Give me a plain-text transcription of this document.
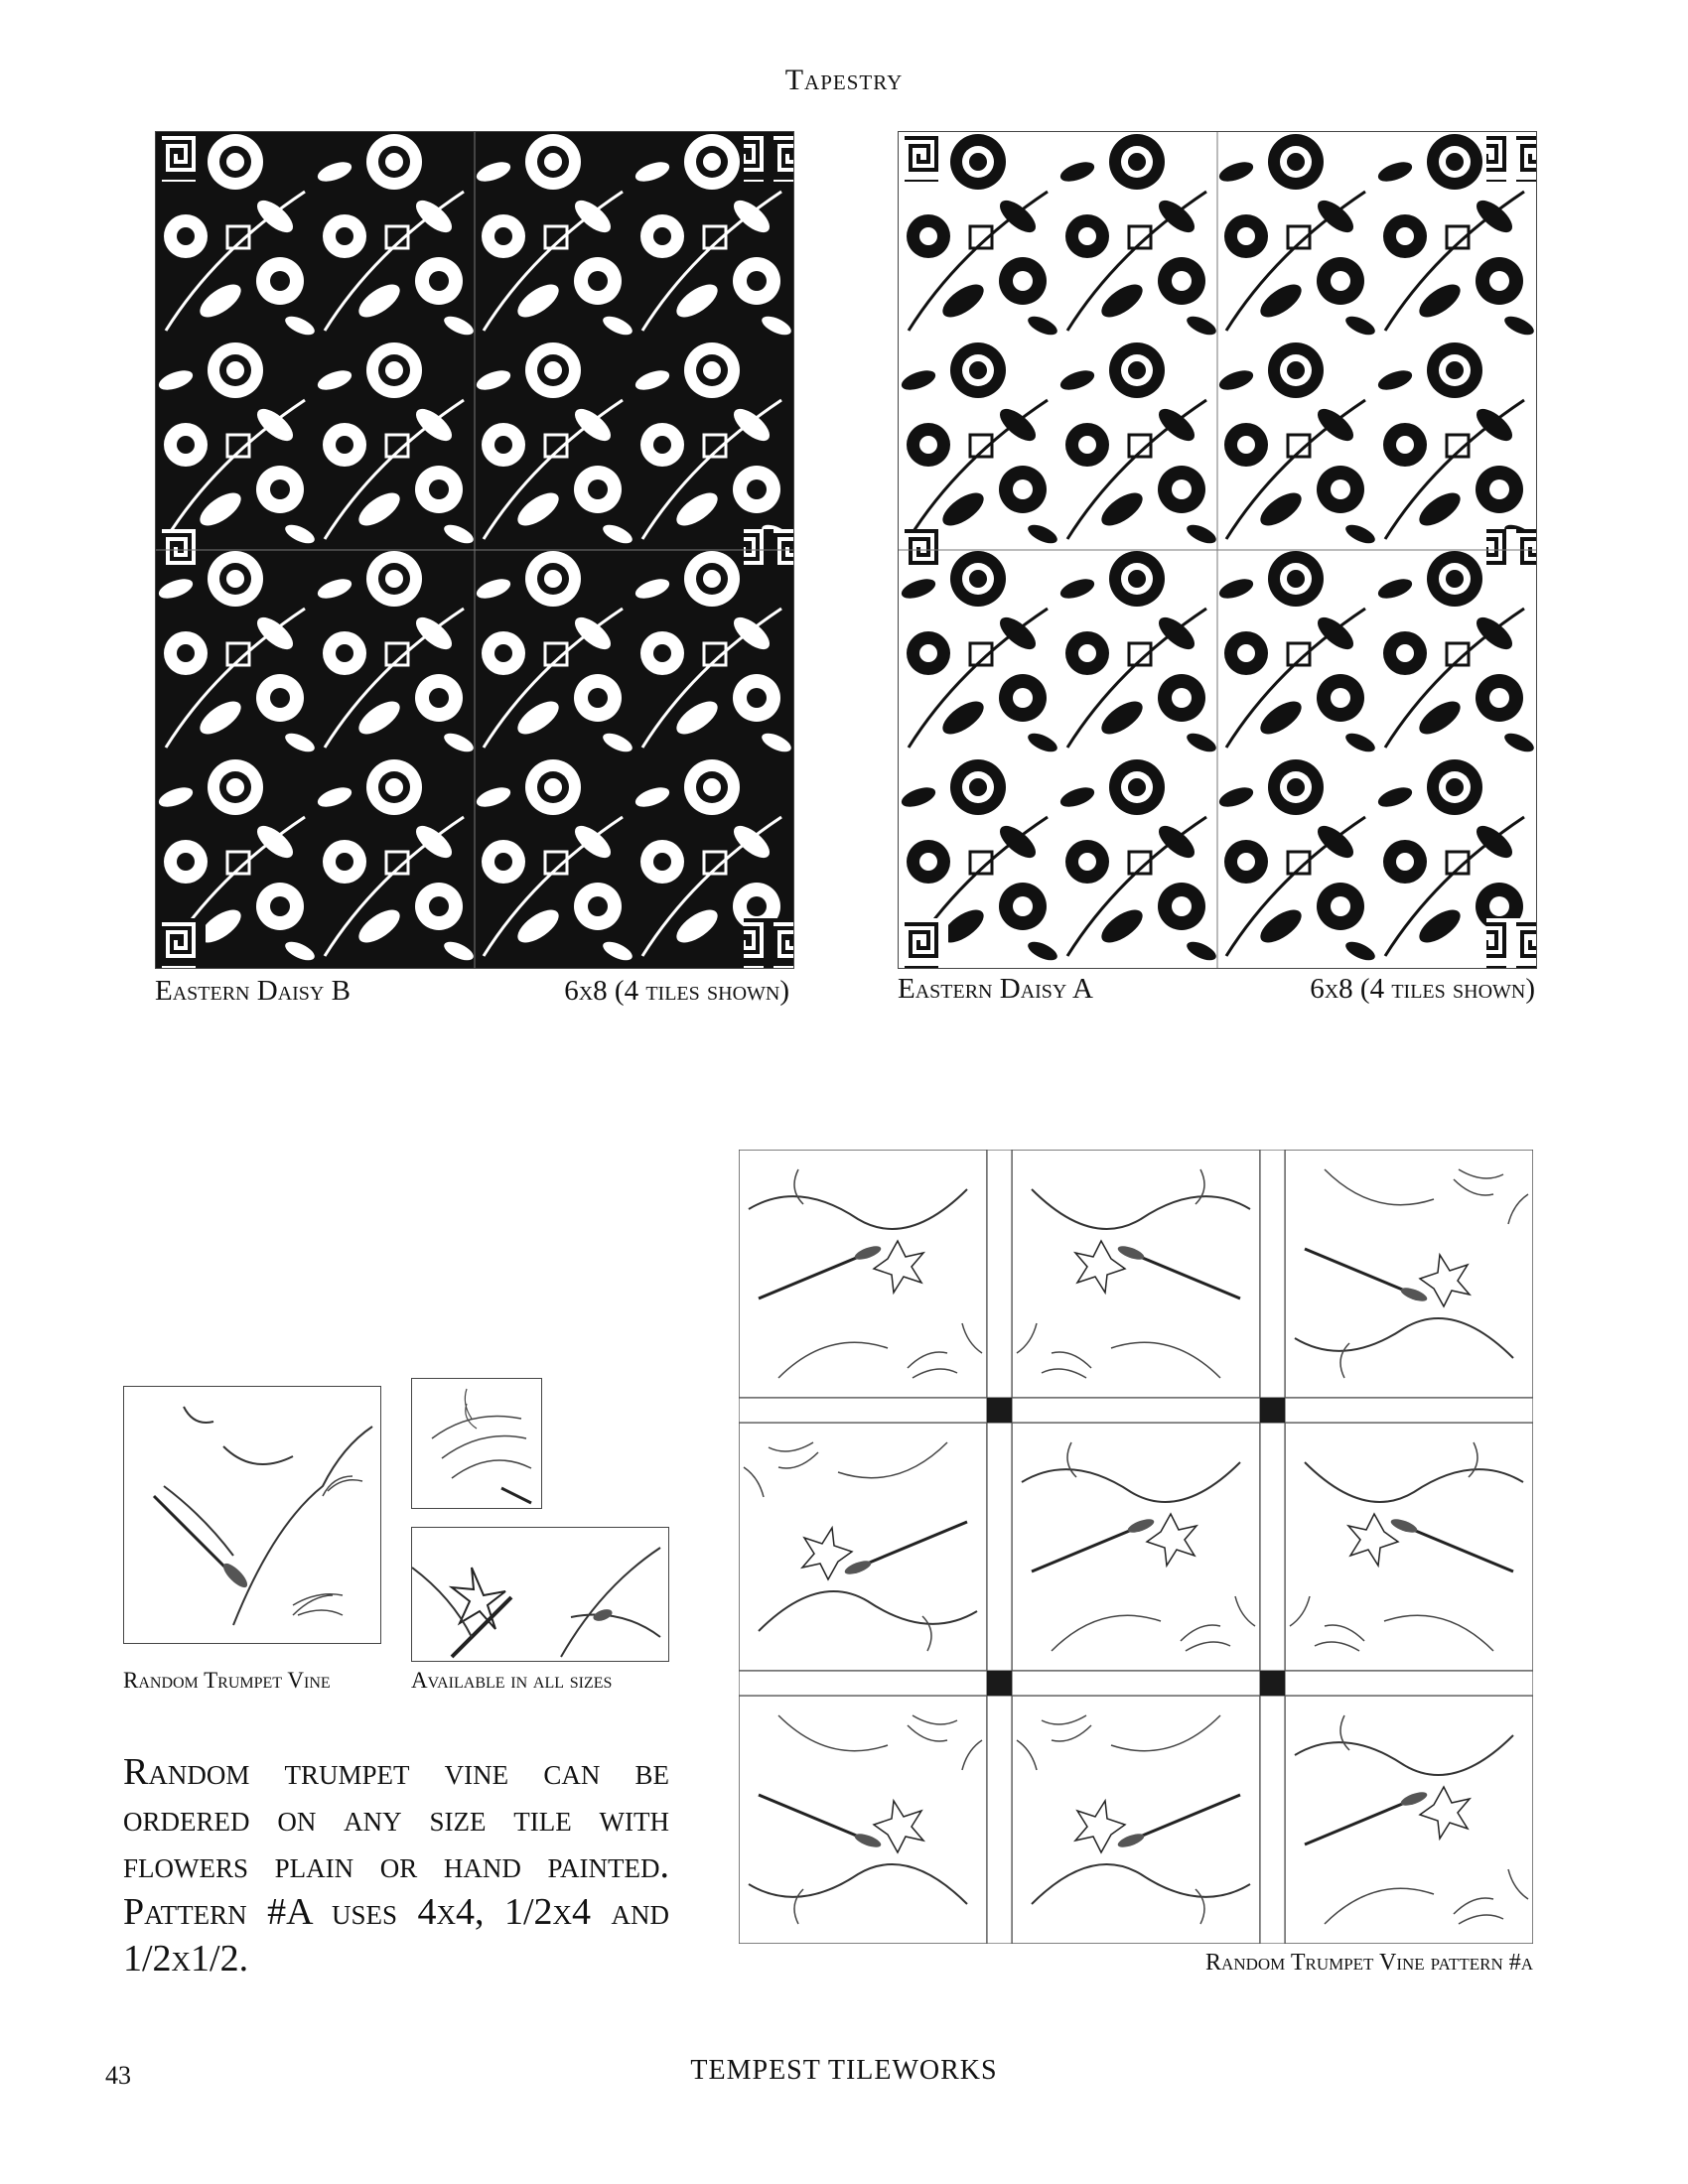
Tapestry
Eastern Daisy B	6x8 (4 tiles shown)	Eastern Daisy A	6x8 (4 tiles shown)
Random Trumpet Vine	Available in all sizes
Random trumpet vine can be ordered on any size tile with flowers plain or hand painted. Pattern #A uses 4x4, 1/2x4 and 1/2x1/2.	Random Trumpet Vine pattern #a
43	TEMPEST TILEWORKS
